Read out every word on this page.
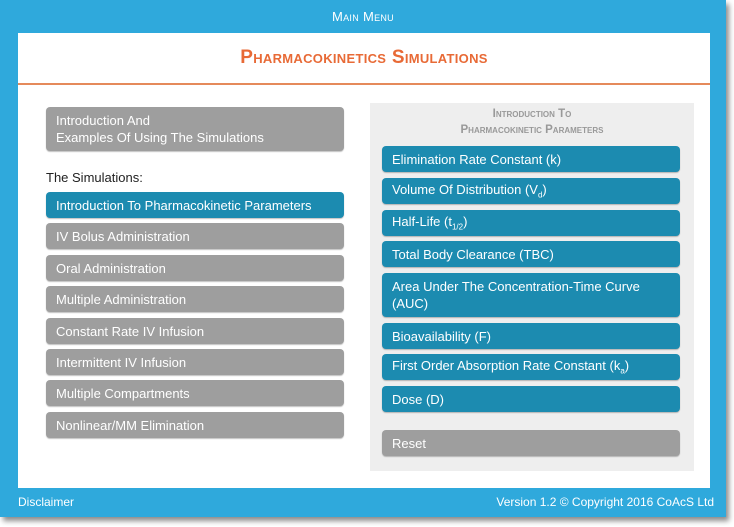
Main Menu
Pharmacokinetics Simulations
Introduction And
Examples Of Using The Simulations
The Simulations:
Introduction To Pharmacokinetic Parameters
IV Bolus Administration
Oral Administration
Multiple Administration
Constant Rate IV Infusion
Intermittent IV Infusion
Multiple Compartments
Nonlinear/MM Elimination
Introduction To
Pharmacokinetic Parameters
Elimination Rate Constant (k)
Volume Of Distribution $(V_d)$
Half-Life $(t_{1/2})$
Total Body Clearance (TBC)
Area Under The Concentration-Time Curve
(AUC)
Bioavailability (F)
First Order Absorption Rate Constant $(k_a)$
Dose (D)
Reset
Disclaimer	Version 1.2 © Copyright 2016 CoAcS Ltd
